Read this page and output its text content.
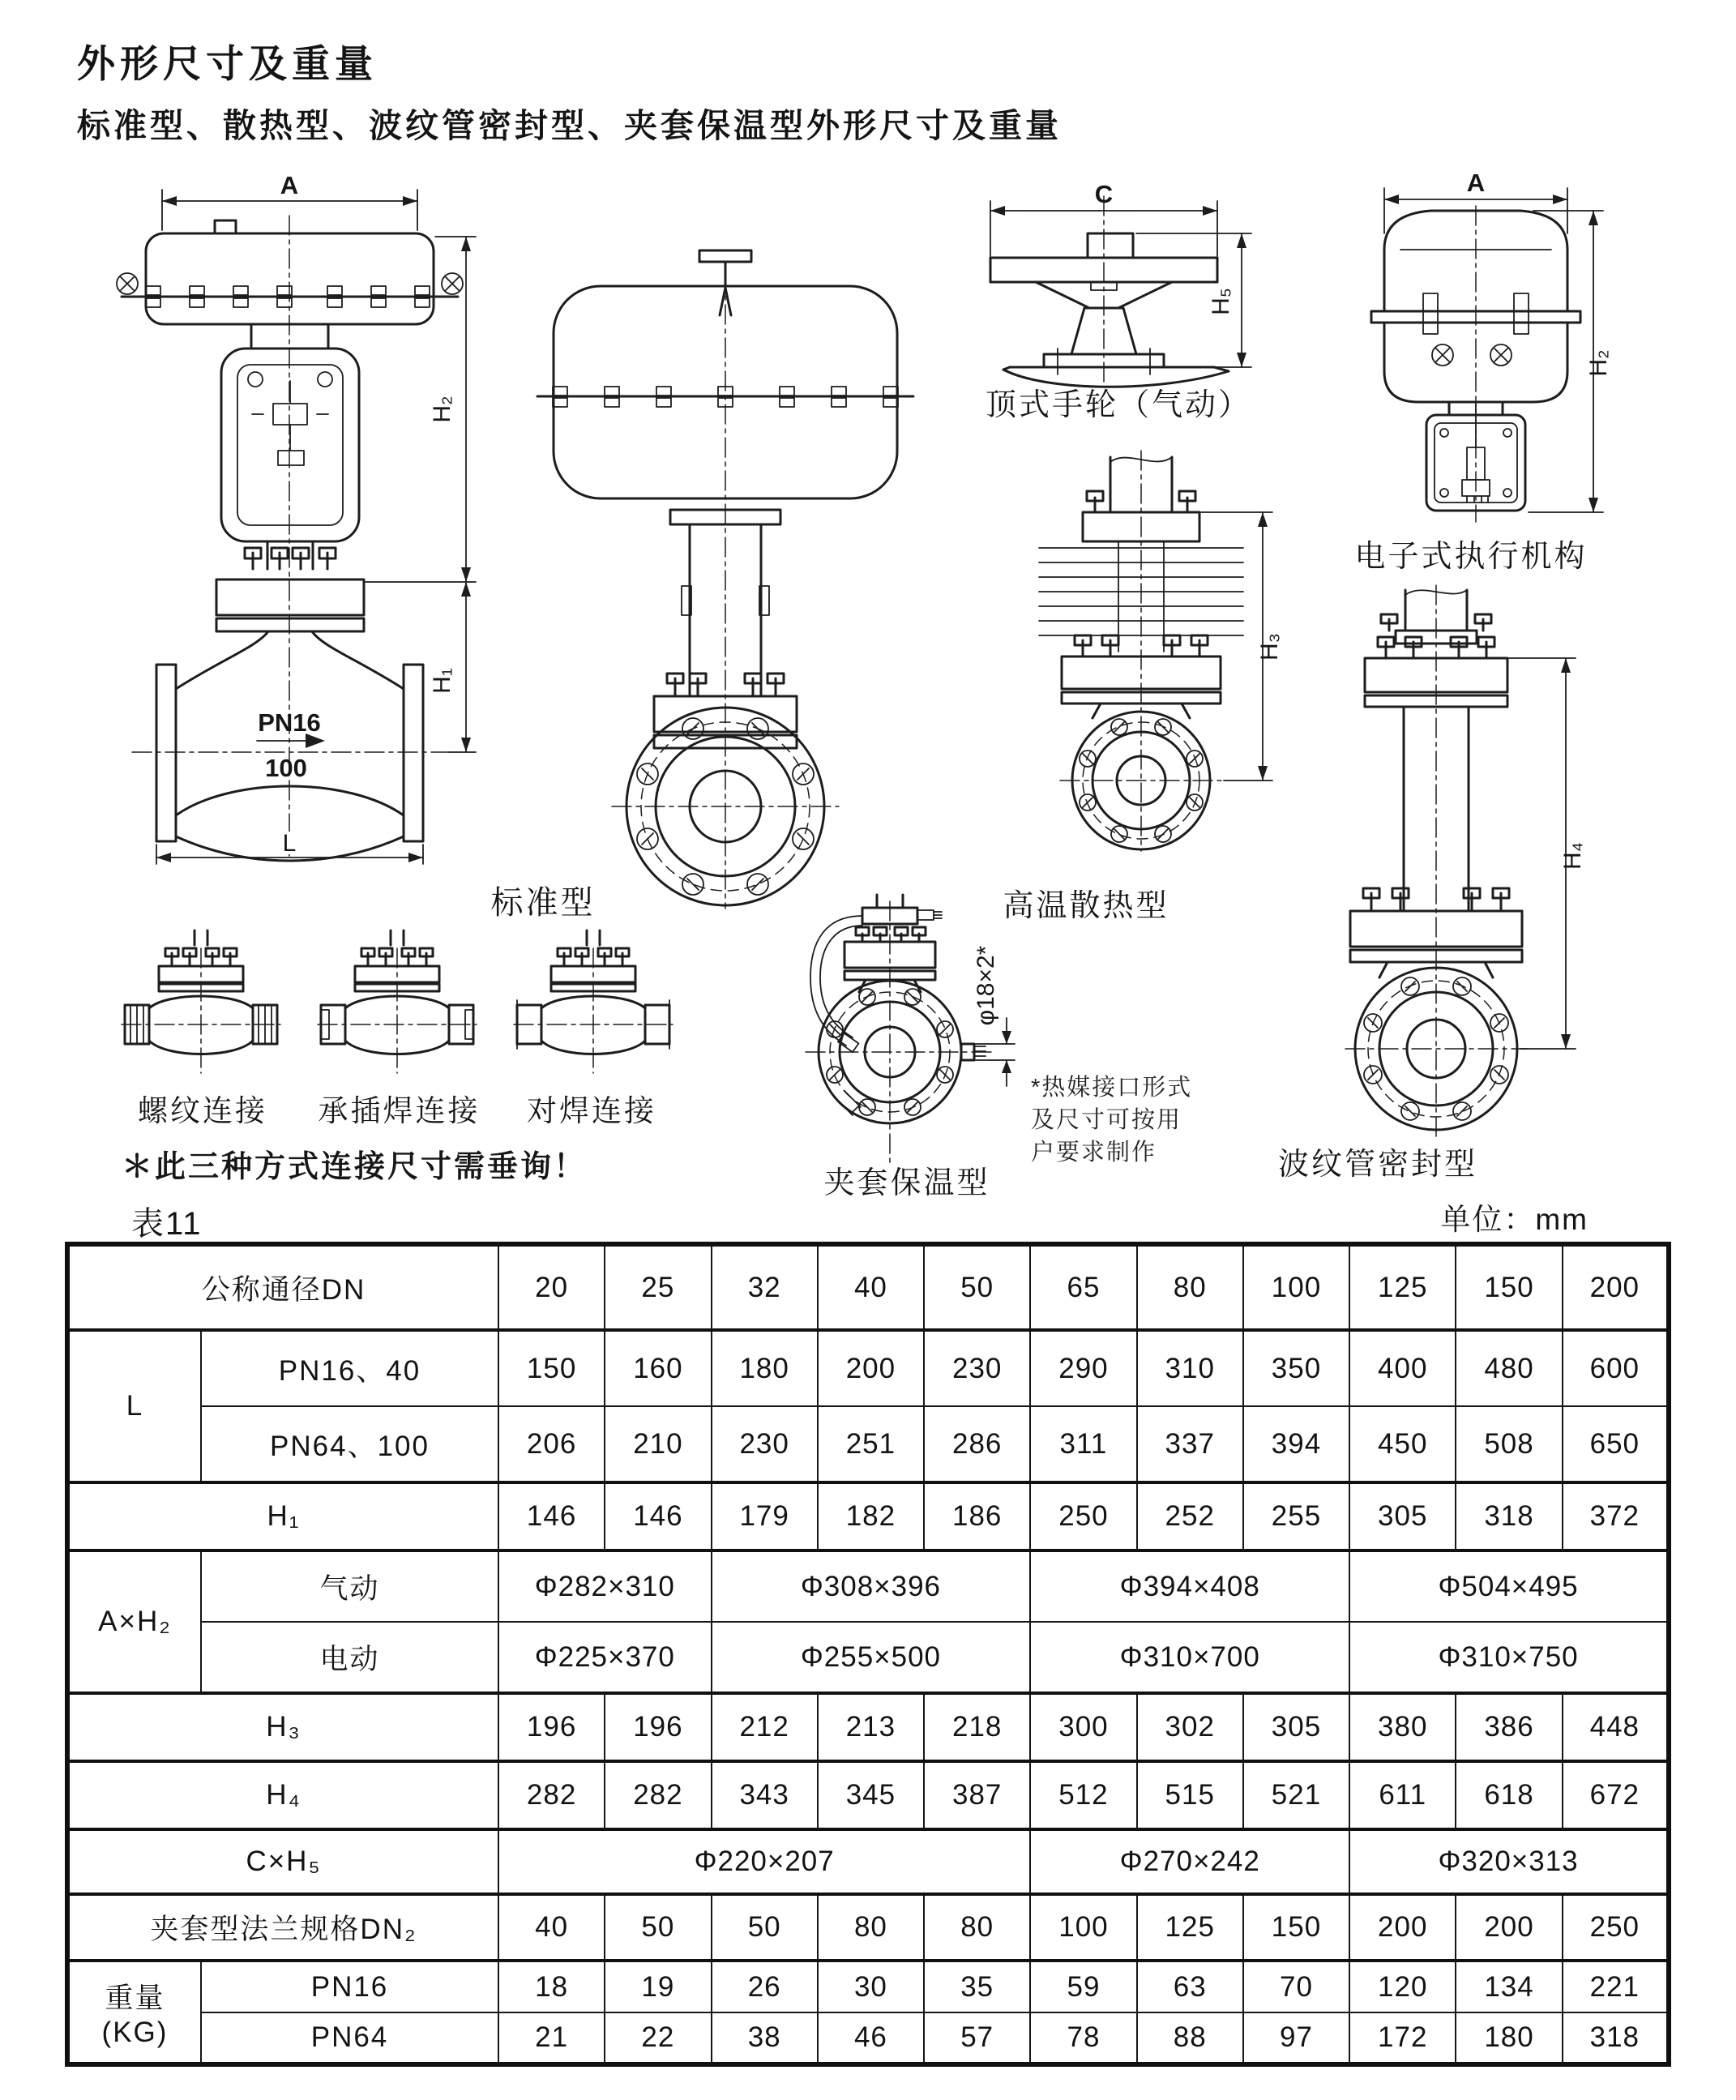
外形尺寸及重量
标准型、散热型、波纹管密封型、夹套保温型外形尺寸及重量
A
H₂
H₁
L
PN16
100
C
H₅
顶式手轮（气动）
H₃
高温散热型
A
H₂
电子式执行机构
H₄
波纹管密封型
螺纹连接 承插焊连接	对焊连接
＊此三种方式连接尺寸需垂询！
φ18×2*
夹套保温型
*热媒接口形式
及尺寸可按用
户要求制作
标准型
表11	单位：mm
公称通径DN		20	25	32	40	50	65	80	100	125	150	200
L	PN16、40	150	160	180	200	230	290	310	350	400	480	600
	PN64、100	206	210	230	251	286	311	337	394	450	508	650
H₁		146	146	179	182	186	250	252	255	305	318	372
A×H₂	气动	Φ282×310		Φ308×396			Φ394×408			Φ504×495		
	电动	Φ225×370		Φ255×500			Φ310×700			Φ310×750		
H₃		196	196	212	213	218	300	302	305	380	386	448
H₄		282	282	343	345	387	512	515	521	611	618	672
C×H₅		Φ220×207					Φ270×242			Φ320×313		
夹套型法兰规格DN₂		40	50	50	80	80	100	125	150	200	200	250

重量
(KG)	PN16	18	19	26	30	35	59	63	70	120	134	221
	PN64	21	22	38	46	57	78	88	97	172	180	318
